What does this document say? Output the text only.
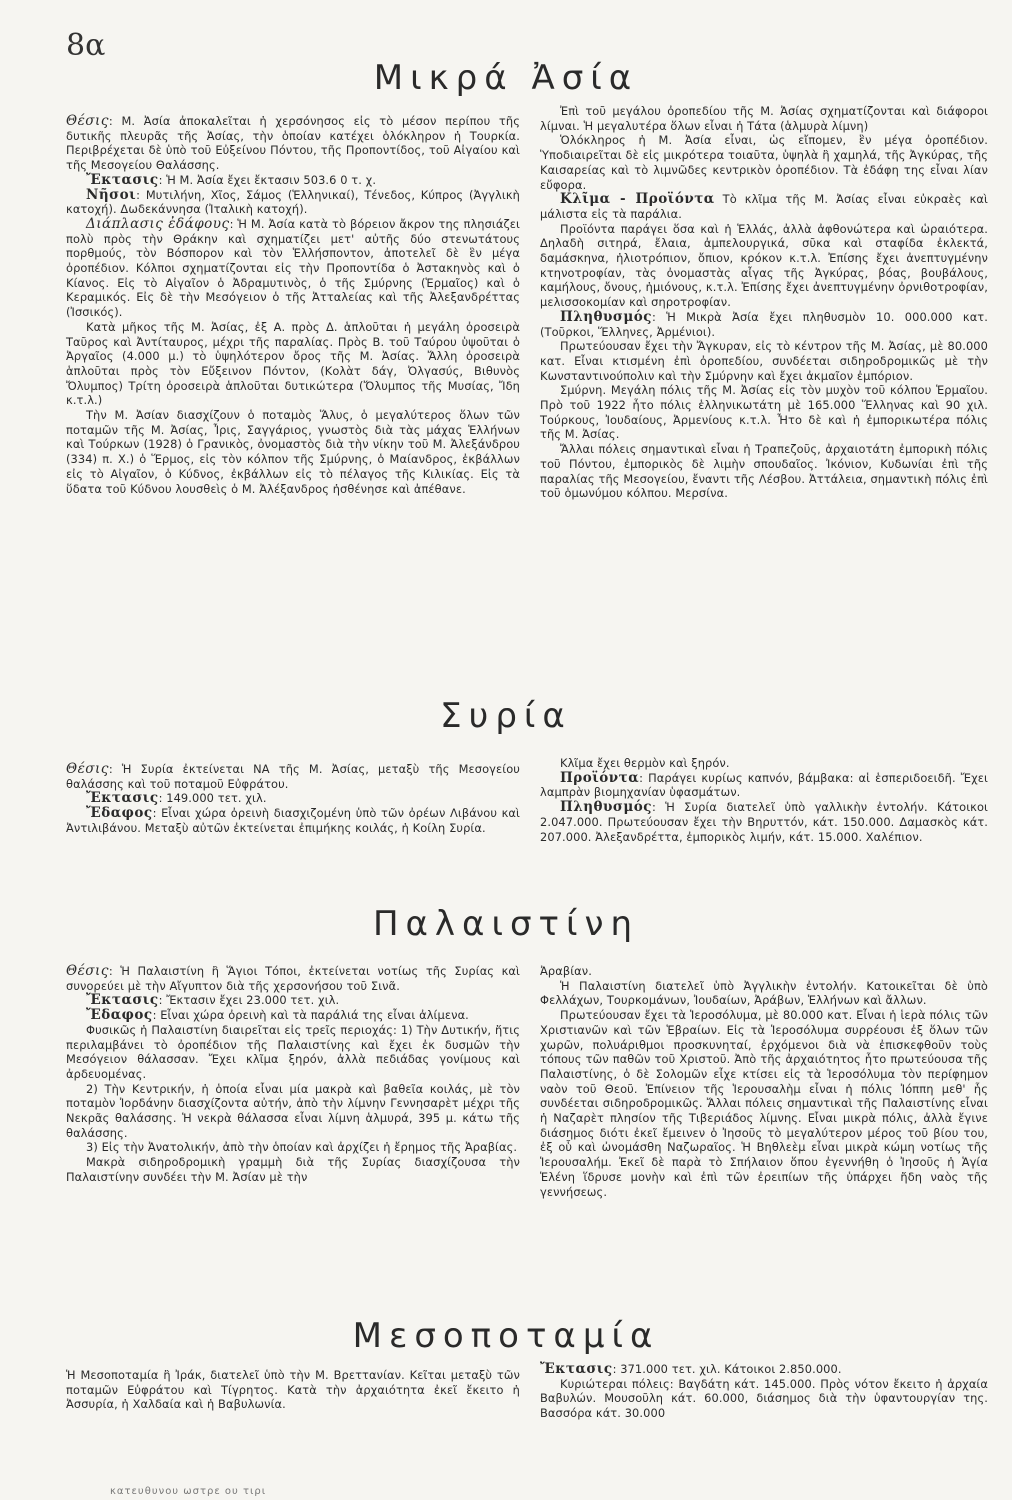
8α
Μικρά Ἀσία

Θέσις: Μ. Ἀσία ἀποκαλεῖται ἡ χερσόνησος εἰς τὸ μέσον περίπου τῆς δυτικῆς πλευρᾶς τῆς Ἀσίας, τὴν ὁποίαν κατέχει ὁλόκληρον ἡ Τουρκία. Περιβρέχεται δὲ ὑπὸ τοῦ Εὐξείνου Πόντου, τῆς Προποντίδος, τοῦ Αἰγαίου καὶ τῆς Μεσογείου Θαλάσσης.

Ἔκτασις: Ἡ Μ. Ἀσία ἔχει ἔκτασιν 503.6 0 τ. χ.

Νῆσοι: Μυτιλήνη, Χῖος, Σάμος (Ἑλληνικαί), Τένεδος, Κύπρος (Ἀγγλικὴ κατοχή). Δωδεκάννησα (Ἰταλικὴ κατοχή).

Διάπλασις ἐδάφους: Ἡ Μ. Ἀσία κατὰ τὸ βόρειον ἄκρον της πλησιάζει πολὺ πρὸς τὴν Θράκην καὶ σχηματίζει μετ' αὐτῆς δύο στενωτάτους πορθμούς, τὸν Βόσπορον καὶ τὸν Ἑλλήσποντον, ἀποτελεῖ δὲ ἓν μέγα ὀροπέδιον. Κόλποι σχηματίζονται εἰς τὴν Προποντίδα ὁ Ἀστακηνὸς καὶ ὁ Κίανος. Εἰς τὸ Αἰγαῖον ὁ Ἀδραμυτινὸς, ὁ τῆς Σμύρνης (Ἑρμαῖος) καὶ ὁ Κεραμικός. Εἰς δὲ τὴν Μεσόγειον ὁ τῆς Ἀτταλείας καὶ τῆς Ἀλεξανδρέττας (Ἰσσικός).

Κατὰ μῆκος τῆς Μ. Ἀσίας, ἐξ Α. πρὸς Δ. ἁπλοῦται ἡ μεγάλη ὀροσειρὰ Ταῦρος καὶ Ἀντίταυρος, μέχρι τῆς παραλίας. Πρὸς Β. τοῦ Ταύρου ὑψοῦται ὁ Ἀργαῖος (4.000 μ.) τὸ ὑψηλότερον ὄρος τῆς Μ. Ἀσίας. Ἄλλη ὀροσειρὰ ἁπλοῦται πρὸς τὸν Εὔξεινον Πόντον, (Κολὰτ δάγ, Ὀλγασύς, Βιθυνὸς Ὄλυμπος) Τρίτη ὀροσειρὰ ἁπλοῦται δυτικώτερα (Ὄλυμπος τῆς Μυσίας, Ἴδη κ.τ.λ.)

Τὴν Μ. Ἀσίαν διασχίζουν ὁ ποταμὸς Ἅλυς, ὁ μεγαλύτερος ὅλων τῶν ποταμῶν τῆς Μ. Ἀσίας, Ἶρις, Σαγγάριος, γνωστὸς διὰ τὰς μάχας Ἑλλήνων καὶ Τούρκων (1928) ὁ Γρανικὸς, ὀνομαστὸς διὰ τὴν νίκην τοῦ Μ. Ἀλεξάνδρου (334) π. Χ.) ὁ Ἕρμος, εἰς τὸν κόλπον τῆς Σμύρνης, ὁ Μαίανδρος, ἐκβάλλων εἰς τὸ Αἰγαῖον, ὁ Κύδνος, ἐκβάλλων εἰς τὸ πέλαγος τῆς Κιλικίας. Εἰς τὰ ὕδατα τοῦ Κύδνου λουσθεὶς ὁ Μ. Ἀλέξανδρος ἠσθένησε καὶ ἀπέθανε.

Ἐπὶ τοῦ μεγάλου ὀροπεδίου τῆς Μ. Ἀσίας σχηματίζονται καὶ διάφοροι λίμναι. Ἡ μεγαλυτέρα ὅλων εἶναι ἡ Τάτα (ἁλμυρὰ λίμνη)

Ὁλόκληρος ἡ Μ. Ἀσία εἶναι, ὡς εἴπομεν, ἓν μέγα ὀροπέδιον. Ὑποδιαιρεῖται δὲ εἰς μικρότερα τοιαῦτα, ὑψηλὰ ἢ χαμηλά, τῆς Ἀγκύρας, τῆς Καισαρείας καὶ τὸ λιμνῶδες κεντρικὸν ὀροπέδιον. Τὰ ἐδάφη της εἶναι λίαν εὔφορα.

Κλῖμα - Προϊόντα Τὸ κλῖμα τῆς Μ. Ἀσίας εἶναι εὐκραὲς καὶ μάλιστα εἰς τὰ παράλια.

Προϊόντα παράγει ὅσα καὶ ἡ Ἑλλάς, ἀλλὰ ἀφθονώτερα καὶ ὡραιότερα. Δηλαδὴ σιτηρά, ἔλαια, ἀμπελουργικά, σῦκα καὶ σταφίδα ἐκλεκτά, δαμάσκηνα, ἡλιοτρόπιον, ὄπιον, κρόκον κ.τ.λ. Ἐπίσης ἔχει ἀνεπτυγμένην κτηνοτροφίαν, τὰς ὀνομαστὰς αἶγας τῆς Ἀγκύρας, βόας, βουβάλους, καμήλους, ὄνους, ἡμιόνους, κ.τ.λ. Ἐπίσης ἔχει ἀνεπτυγμένην ὀρνιθοτροφίαν, μελισσοκομίαν καὶ σηροτροφίαν.

Πληθυσμός: Ἡ Μικρὰ Ἀσία ἔχει πληθυσμὸν 10. 000.000 κατ. (Τοῦρκοι, Ἕλληνες, Ἀρμένιοι).

Πρωτεύουσαν ἔχει τὴν Ἄγκυραν, εἰς τὸ κέντρον τῆς Μ. Ἀσίας, μὲ 80.000 κατ. Εἶναι κτισμένη ἐπὶ ὀροπεδίου, συνδέεται σιδηροδρομικῶς μὲ τὴν Κωνσταντινούπολιν καὶ τὴν Σμύρνην καὶ ἔχει ἀκμαῖον ἐμπόριον.

Σμύρνη. Μεγάλη πόλις τῆς Μ. Ἀσίας εἰς τὸν μυχὸν τοῦ κόλπου Ἑρμαῖου. Πρὸ τοῦ 1922 ἦτο πόλις ἑλληνικωτάτη μὲ 165.000 Ἕλληνας καὶ 90 χιλ. Τούρκους, Ἰουδαίους, Ἀρμενίους κ.τ.λ. Ἦτο δὲ καὶ ἡ ἐμπορικωτέρα πόλις τῆς Μ. Ἀσίας.

Ἄλλαι πόλεις σημαντικαὶ εἶναι ἡ Τραπεζοῦς, ἀρχαιοτάτη ἐμπορικὴ πόλις τοῦ Πόντου, ἐμπορικὸς δὲ λιμὴν σπουδαῖος. Ἰκόνιον, Κυδωνίαι ἐπὶ τῆς παραλίας τῆς Μεσογείου, ἔναντι τῆς Λέσβου. Ἀττάλεια, σημαντικὴ πόλις ἐπὶ τοῦ ὁμωνύμου κόλπου. Μερσίνα.

Συρία

Θέσις: Ἡ Συρία ἐκτείνεται ΝΑ τῆς Μ. Ἀσίας, μεταξὺ τῆς Μεσογείου θαλάσσης καὶ τοῦ ποταμοῦ Εὐφράτου.

Ἔκτασις: 149.000 τετ. χιλ.

Ἔδαφος: Εἶναι χώρα ὀρεινὴ διασχιζομένη ὑπὸ τῶν ὀρέων Λιβάνου καὶ Ἀντιλιβάνου. Μεταξὺ αὐτῶν ἐκτείνεται ἐπιμήκης κοιλάς, ἡ Κοίλη Συρία.

Κλῖμα ἔχει θερμὸν καὶ ξηρόν.

Προϊόντα: Παράγει κυρίως καπνόν, βάμβακα: αἱ ἑσπεριδοειδῆ. Ἔχει λαμπρὰν βιομηχανίαν ὑφασμάτων.

Πληθυσμός: Ἡ Συρία διατελεῖ ὑπὸ γαλλικὴν ἐντολήν. Κάτοικοι 2.047.000. Πρωτεύουσαν ἔχει τὴν Βηρυττόν, κάτ. 150.000. Δαμασκὸς κάτ. 207.000. Ἀλεξανδρέττα, ἐμπορικὸς λιμήν, κάτ. 15.000. Χαλέπιον.

Παλαιστίνη

Θέσις: Ἡ Παλαιστίνη ἢ Ἅγιοι Τόποι, ἐκτείνεται νοτίως τῆς Συρίας καὶ συνορεύει μὲ τὴν Αἴγυπτον διὰ τῆς χερσονήσου τοῦ Σινᾶ.

Ἔκτασις: Ἔκτασιν ἔχει 23.000 τετ. χιλ.

Ἔδαφος: Εἶναι χώρα ὀρεινὴ καὶ τὰ παράλιά της εἶναι ἀλίμενα.

Φυσικῶς ἡ Παλαιστίνη διαιρεῖται εἰς τρεῖς περιοχάς: 1) Τὴν Δυτικήν, ἥτις περιλαμβάνει τὸ ὀροπέδιον τῆς Παλαιστίνης καὶ ἔχει ἐκ δυσμῶν τὴν Μεσόγειον θάλασσαν. Ἔχει κλῖμα ξηρόν, ἀλλὰ πεδιάδας γονίμους καὶ ἀρδευομένας.

2) Τὴν Κεντρικήν, ἡ ὁποία εἶναι μία μακρὰ καὶ βαθεῖα κοιλάς, μὲ τὸν ποταμὸν Ἰορδάνην διασχίζοντα αὐτήν, ἀπὸ τὴν λίμνην Γεννησαρὲτ μέχρι τῆς Νεκρᾶς θαλάσσης. Ἡ νεκρὰ θάλασσα εἶναι λίμνη ἁλμυρά, 395 μ. κάτω τῆς θαλάσσης.

3) Εἰς τὴν Ἀνατολικήν, ἀπὸ τὴν ὁποίαν καὶ ἀρχίζει ἡ ἔρημος τῆς Ἀραβίας.

Μακρὰ σιδηροδρομικὴ γραμμὴ διὰ τῆς Συρίας διασχίζουσα τὴν Παλαιστίνην συνδέει τὴν Μ. Ἀσίαν μὲ τὴν

Ἀραβίαν.

Ἡ Παλαιστίνη διατελεῖ ὑπὸ Ἀγγλικὴν ἐντολήν. Κατοικεῖται δὲ ὑπὸ Φελλάχων, Τουρκομάνων, Ἰουδαίων, Ἀράβων, Ἑλλήνων καὶ ἄλλων.

Πρωτεύουσαν ἔχει τὰ Ἱεροσόλυμα, μὲ 80.000 κατ. Εἶναι ἡ ἱερὰ πόλις τῶν Χριστιανῶν καὶ τῶν Ἑβραίων. Εἰς τὰ Ἱεροσόλυμα συρρέουσι ἐξ ὅλων τῶν χωρῶν, πολυάριθμοι προσκυνηταί, ἐρχόμενοι διὰ νὰ ἐπισκεφθοῦν τοὺς τόπους τῶν παθῶν τοῦ Χριστοῦ. Ἀπὸ τῆς ἀρχαιότητος ἦτο πρωτεύουσα τῆς Παλαιστίνης, ὁ δὲ Σολομῶν εἶχε κτίσει εἰς τὰ Ἱεροσόλυμα τὸν περίφημον ναὸν τοῦ Θεοῦ. Ἐπίνειον τῆς Ἱερουσαλὴμ εἶναι ἡ πόλις Ἰόππη μεθ' ἧς συνδέεται σιδηροδρομικῶς. Ἄλλαι πόλεις σημαντικαὶ τῆς Παλαιστίνης εἶναι ἡ Ναζαρὲτ πλησίον τῆς Τιβεριάδος λίμνης. Εἶναι μικρὰ πόλις, ἀλλὰ ἔγινε διάσημος διότι ἐκεῖ ἔμεινεν ὁ Ἰησοῦς τὸ μεγαλύτερον μέρος τοῦ βίου του, ἐξ οὗ καὶ ὠνομάσθη Ναζωραῖος. Ἡ Βηθλεὲμ εἶναι μικρὰ κώμη νοτίως τῆς Ἱερουσαλήμ. Ἐκεῖ δὲ παρὰ τὸ Σπήλαιον ὅπου ἐγεννήθη ὁ Ἰησοῦς ἡ Ἁγία Ἑλένη ἵδρυσε μονὴν καὶ ἐπὶ τῶν ἐρειπίων τῆς ὑπάρχει ἤδη ναὸς τῆς γεννήσεως.

Μεσοποταμία

Ἡ Μεσοποταμία ἢ Ἰράκ, διατελεῖ ὑπὸ τὴν Μ. Βρεττανίαν. Κεῖται μεταξὺ τῶν ποταμῶν Εὐφράτου καὶ Τίγρητος. Κατὰ τὴν ἀρχαιότητα ἐκεῖ ἔκειτο ἡ Ἀσσυρία, ἡ Χαλδαία καὶ ἡ Βαβυλωνία.

Ἔκτασις: 371.000 τετ. χιλ. Κάτοικοι 2.850.000.

Κυριώτεραι πόλεις: Βαγδάτη κάτ. 145.000. Πρὸς νότον ἔκειτο ἡ ἀρχαία Βαβυλών. Μουσοῦλη κάτ. 60.000, διάσημος διὰ τὴν ὑφαντουργίαν της. Βασσόρα κάτ. 30.000

κατευθυνου ωστρε ου τιρι
